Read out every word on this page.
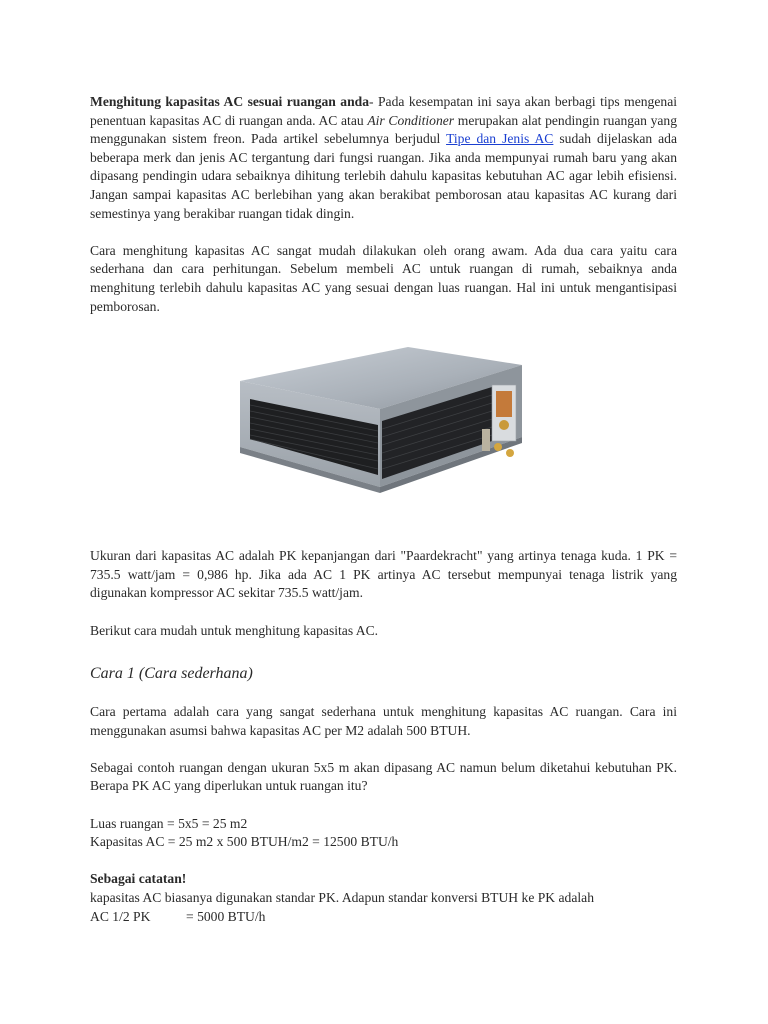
Menghitung kapasitas AC sesuai ruangan anda- Pada kesempatan ini saya akan berbagi tips mengenai penentuan kapasitas AC di ruangan anda. AC atau Air Conditioner merupakan alat pendingin ruangan yang menggunakan sistem freon. Pada artikel sebelumnya berjudul Tipe dan Jenis AC sudah dijelaskan ada beberapa merk dan jenis AC tergantung dari fungsi ruangan. Jika anda mempunyai rumah baru yang akan dipasang pendingin udara sebaiknya dihitung terlebih dahulu kapasitas kebutuhan AC agar lebih efisiensi. Jangan sampai kapasitas AC berlebihan yang akan berakibat pemborosan atau kapasitas AC kurang dari semestinya yang berakibar ruangan tidak dingin.

Cara menghitung kapasitas AC sangat mudah dilakukan oleh orang awam. Ada dua cara yaitu cara sederhana dan cara perhitungan. Sebelum membeli AC untuk ruangan di rumah, sebaiknya anda menghitung terlebih dahulu kapasitas AC yang sesuai dengan luas ruangan. Hal ini untuk mengantisipasi pemborosan.

Ukuran dari kapasitas AC adalah PK kepanjangan dari "Paardekracht" yang artinya tenaga kuda. 1 PK = 735.5 watt/jam = 0,986 hp. Jika ada AC 1 PK artinya AC tersebut mempunyai tenaga listrik yang digunakan kompressor AC sekitar 735.5 watt/jam.

Berikut cara mudah untuk menghitung kapasitas AC.

Cara 1 (Cara sederhana)

Cara pertama adalah cara yang sangat sederhana untuk menghitung kapasitas AC ruangan. Cara ini menggunakan asumsi bahwa kapasitas AC per M2 adalah 500 BTUH.

Sebagai contoh ruangan dengan ukuran 5x5 m akan dipasang AC namun belum diketahui kebutuhan PK. Berapa PK AC yang diperlukan untuk ruangan itu?

Luas ruangan = 5x5 = 25 m2

Kapasitas AC = 25 m2 x 500 BTUH/m2 = 12500 BTU/h

Sebagai catatan!

kapasitas AC biasanya digunakan standar PK. Adapun standar konversi BTUH ke PK adalah

AC 1/2 PK	= 5000 BTU/h
